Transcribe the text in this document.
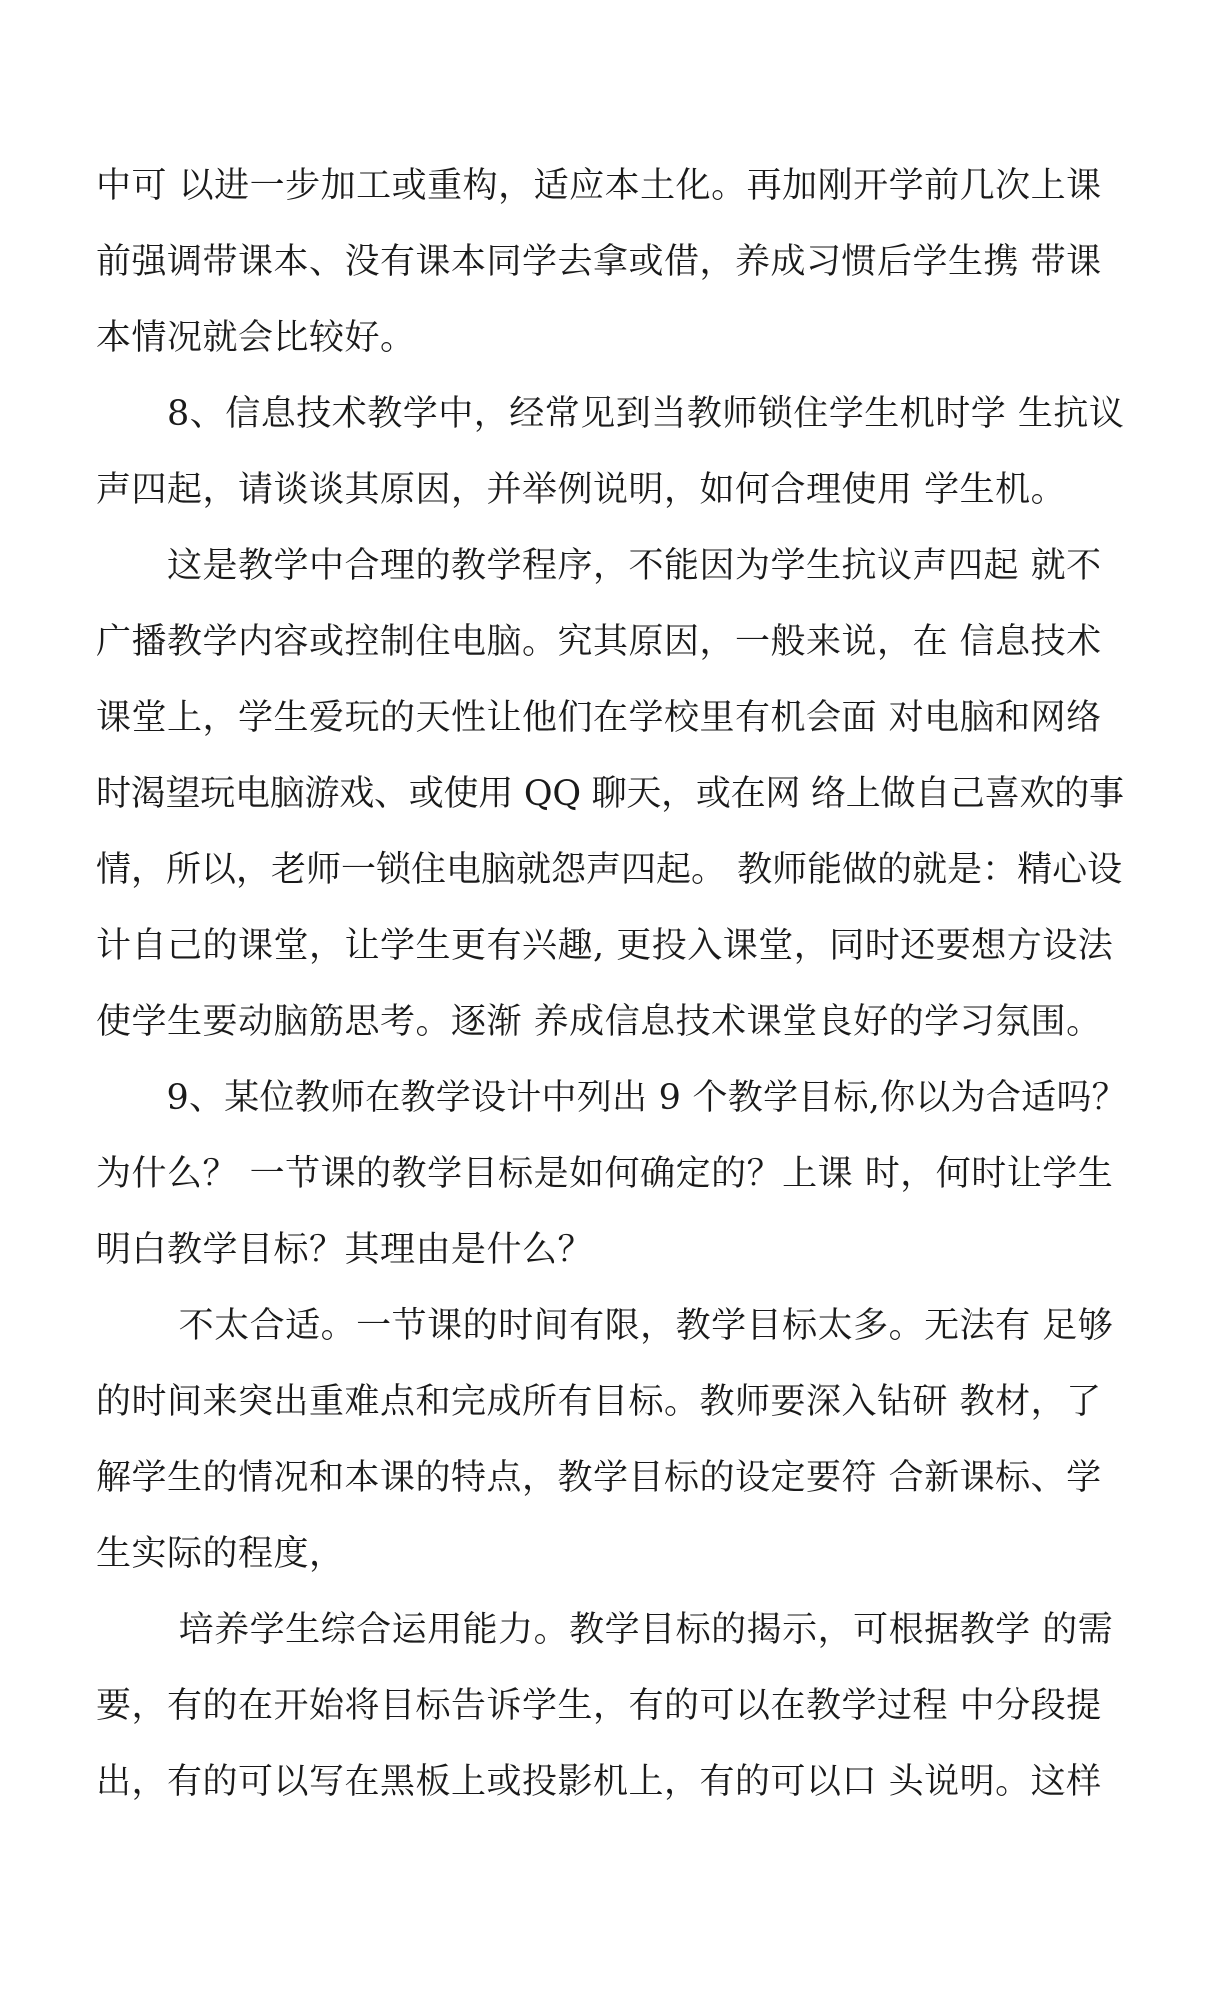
中可 以进一步加工或重构，适应本土化。再加刚开学前几次上课
前强调带课本、没有课本同学去拿或借，养成习惯后学生携 带课
本情况就会比较好。
　　8、信息技术教学中，经常见到当教师锁住学生机时学 生抗议
声四起，请谈谈其原因，并举例说明，如何合理使用 学生机。
　　这是教学中合理的教学程序，不能因为学生抗议声四起 就不
广播教学内容或控制住电脑。究其原因，一般来说，在 信息技术
课堂上，学生爱玩的天性让他们在学校里有机会面 对电脑和网络
时渴望玩电脑游戏、或使用 QQ 聊天，或在网 络上做自己喜欢的事
情，所以，老师一锁住电脑就怨声四起。 教师能做的就是：精心设
计自己的课堂，让学生更有兴趣, 更投入课堂，同时还要想方设法
使学生要动脑筋思考。逐渐 养成信息技术课堂良好的学习氛围。
　　9、某位教师在教学设计中列出 9 个教学目标,你以为合适吗？
为什么？ 一节课的教学目标是如何确定的？上课 时，何时让学生
明白教学目标？其理由是什么？
　　 不太合适。一节课的时间有限，教学目标太多。无法有 足够
的时间来突出重难点和完成所有目标。教师要深入钻研 教材，了
解学生的情况和本课的特点，教学目标的设定要符 合新课标、学
生实际的程度，
　　 培养学生综合运用能力。教学目标的揭示，可根据教学 的需
要，有的在开始将目标告诉学生，有的可以在教学过程 中分段提
出，有的可以写在黑板上或投影机上，有的可以口 头说明。这样
